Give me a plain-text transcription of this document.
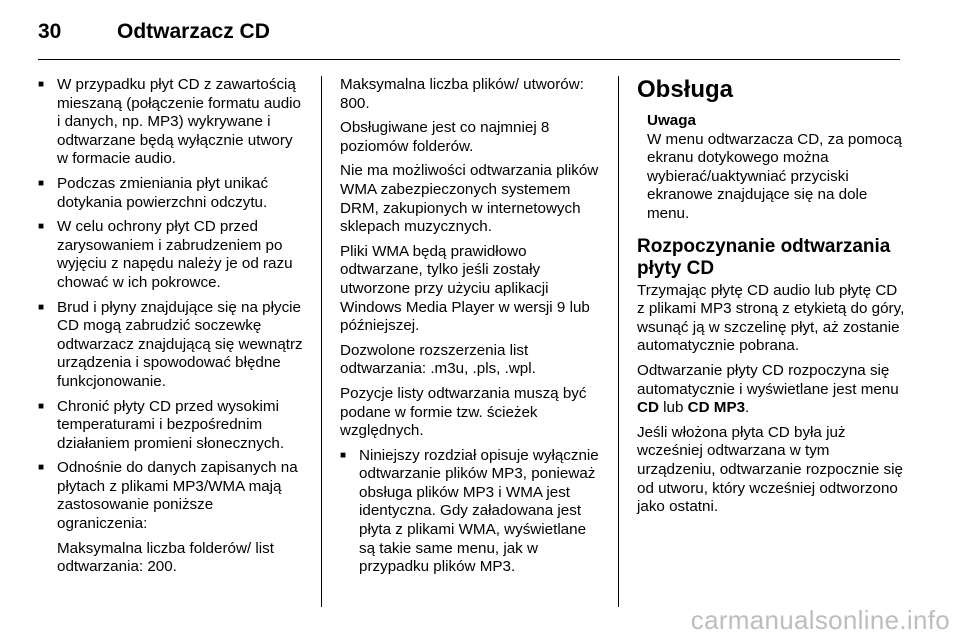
30	Odtwarzacz CD
■ W przypadku płyt CD z zawartością mieszaną (połączenie formatu audio i danych, np. MP3) wykrywane i odtwarzane będą wyłącznie utwory w formacie audio.
■ Podczas zmieniania płyt unikać dotykania powierzchni odczytu.
■ W celu ochrony płyt CD przed zarysowaniem i zabrudzeniem po wyjęciu z napędu należy je od razu chować w ich pokrowce.
■ Brud i płyny znajdujące się na płycie CD mogą zabrudzić soczewkę odtwarzacz znajdującą się wewnątrz urządzenia i spowodować błędne funkcjonowanie.
■ Chronić płyty CD przed wysokimi temperaturami i bezpośrednim działaniem promieni słonecznych.
■ Odnośnie do danych zapisanych na płytach z plikami MP3/WMA mają zastosowanie poniższe ograniczenia:

Maksymalna liczba folderów/ list odtwarzania: 200.

Maksymalna liczba plików/ utworów: 800.

Obsługiwane jest co najmniej 8 poziomów folderów.

Nie ma możliwości odtwarzania plików WMA zabezpieczonych systemem DRM, zakupionych w internetowych sklepach muzycznych.

Pliki WMA będą prawidłowo odtwarzane, tylko jeśli zostały utworzone przy użyciu aplikacji Windows Media Player w wersji 9 lub późniejszej.

Dozwolone rozszerzenia list odtwarzania: .m3u, .pls, .wpl.

Pozycje listy odtwarzania muszą być podane w formie tzw. ścieżek względnych.

■ Niniejszy rozdział opisuje wyłącznie odtwarzanie plików MP3, ponieważ obsługa plików MP3 i WMA jest identyczna. Gdy załadowana jest płyta z plikami WMA, wyświetlane są takie same menu, jak w przypadku plików MP3.
Obsługa
Uwaga
W menu odtwarzacza CD, za pomocą ekranu dotykowego można wybierać/uaktywniać przyciski ekranowe znajdujące się na dole menu.
Rozpoczynanie odtwarzania płyty CD

Trzymając płytę CD audio lub płytę CD z plikami MP3 stroną z etykietą do góry, wsunąć ją w szczelinę płyt, aż zostanie automatycznie pobrana.

Odtwarzanie płyty CD rozpoczyna się automatycznie i wyświetlane jest menu CD lub CD MP3.

Jeśli włożona płyta CD była już wcześniej odtwarzana w tym urządzeniu, odtwarzanie rozpocznie się od utworu, który wcześniej odtworzono jako ostatni.

carmanualsonline.info
